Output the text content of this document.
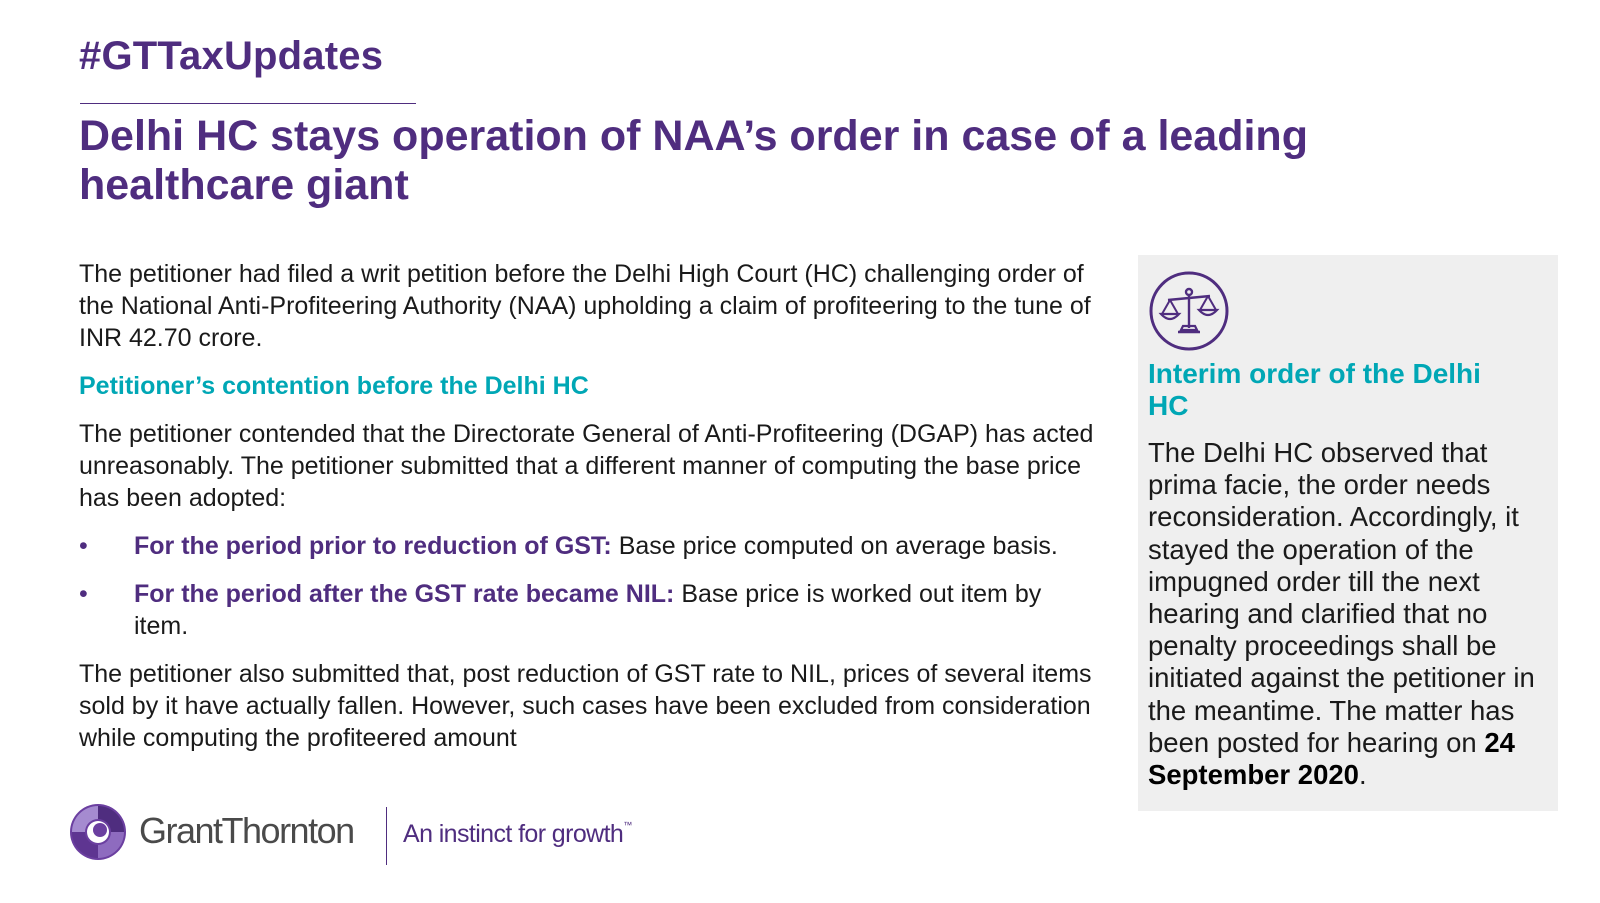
#GTTaxUpdates
Delhi HC stays operation of NAA’s order in case of a leading healthcare giant

The petitioner had filed a writ petition before the Delhi High Court (HC) challenging order of the National Anti-Profiteering Authority (NAA) upholding a claim of profiteering to the tune of INR 42.70 crore.

Petitioner’s contention before the Delhi HC

The petitioner contended that the Directorate General of Anti-Profiteering (DGAP) has acted unreasonably. The petitioner submitted that a different manner of computing the base price has been adopted:

• For the period prior to reduction of GST: Base price computed on average basis.
• For the period after the GST rate became NIL: Base price is worked out item by item.

The petitioner also submitted that, post reduction of GST rate to NIL, prices of several items sold by it have actually fallen. However, such cases have been excluded from consideration while computing the profiteered amount

Interim order of the Delhi HC
The Delhi HC observed that prima facie, the order needs reconsideration. Accordingly, it stayed the operation of the impugned order till the next hearing and clarified that no penalty proceedings shall be initiated against the petitioner in the meantime. The matter has been posted for hearing on 24 September 2020.
GrantThornton An instinct for growth™
